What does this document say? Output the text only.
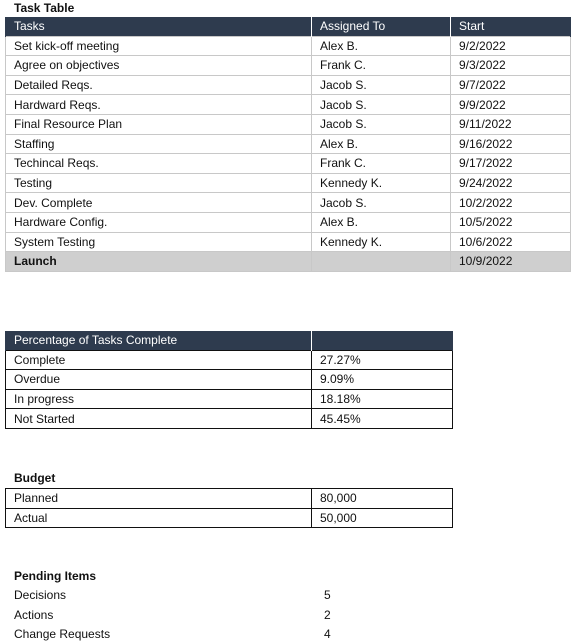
Task Table
Tasks	Assigned To	Start
Set kick-off meeting	Alex B.	9/2/2022
Agree on objectives	Frank C.	9/3/2022
Detailed Reqs.	Jacob S.	9/7/2022
Hardward Reqs.	Jacob S.	9/9/2022
Final Resource Plan	Jacob S.	9/11/2022
Staffing	Alex B.	9/16/2022
Techincal Reqs.	Frank C.	9/17/2022
Testing	Kennedy K.	9/24/2022
Dev. Complete	Jacob S.	10/2/2022
Hardware Config.	Alex B.	10/5/2022
System Testing	Kennedy K.	10/6/2022
Launch		10/9/2022
Percentage of Tasks Complete	
Complete	27.27%
Overdue	9.09%
In progress	18.18%
Not Started	45.45%
Budget
Planned	80,000
Actual	50,000
Pending Items
Decisions	5
Actions	2
Change Requests	4
